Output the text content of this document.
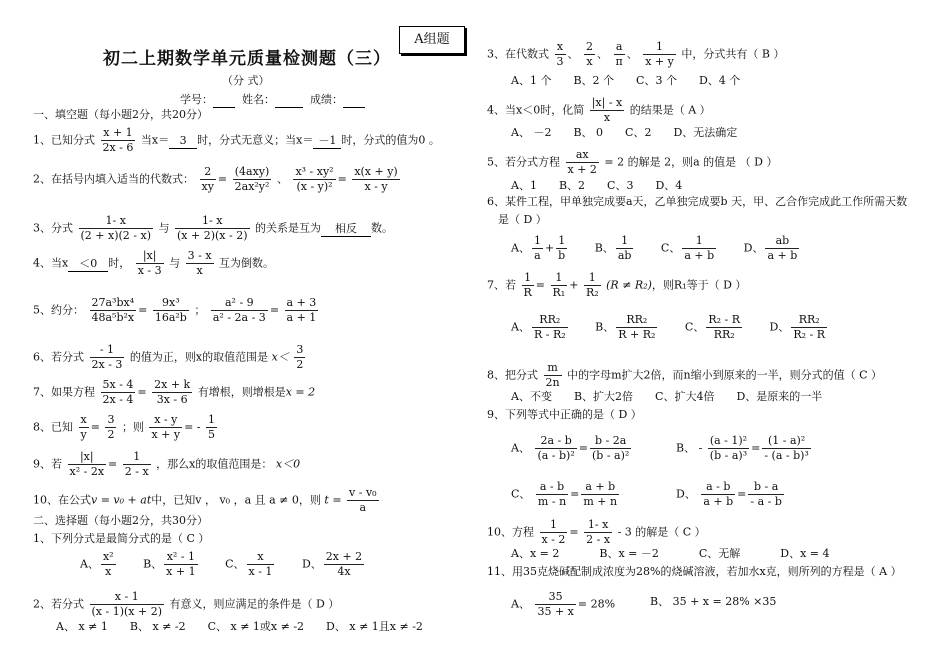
A组题
初二上期数学单元质量检测题（三）
（分 式）
学号：	姓名：	成绩：
一、填空题（每小题2分，共20分）
1、已知分式 $\frac{x + 1}{2x - 6}$ 当x＝ 3 时，分式无意义；当x＝ －1 时，分式的值为0 。
2、在括号内填入适当的代数式： $\frac{2}{xy} = \frac{\text{(4axy)}}{\text{2ax²y²}}$ 、 $\frac{\text{x³ - xy²}}{\text{(x - y)²}} = \frac{x(x + y)}{x - y}$
3、分式 $\frac{1- x}{(2 + x)(2 - x)}$ 与 $\frac{1- x}{(x + 2)(x - 2)}$ 的关系是互为 相反 数。
4、当x ＜0 时， $\frac{|x|}{x - 3}$ 与 $\frac{3 - x}{x}$ 互为倒数。
5、约分： $\frac{\text{27a³bx⁴}}{\text{48a⁵b²x}} = \frac{\text{9x³}}{\text{16a²b}}$ ； $\frac{\text{a² - 9}}{\text{a² - 2a - 3}} = \frac{a + 3}{a + 1}$
6、若分式 $\frac{- 1}{2x - 3}$ 的值为正，则x的取值范围是 $x< \frac{3}{2}$
7、如果方程 $\frac{5x - 4}{2x - 4} = \frac{2x + k}{3x - 6}$ 有增根，则增根是x = 2
8、已知 $\frac{x}{y} = \frac{3}{2}$ ；则 $\frac{x - y}{x + y}$ = - $\frac{1}{5}$
9、若 $\frac{|x|}{\text{x² - 2x}} = \frac{1}{2 - x}$ ，那么x的取值范围是： x＜0
10、在公式v = v₀ + at中，已知v ， v₀ ，a 且 a ≠ 0，则 $t = \frac{\text{v - v₀}}{a}$
二、选择题（每小题2分，共30分）
1、下列分式是最简分式的是（ C ）
A、 $\frac{\text{x²}}{x}$	B、 $\frac{\text{x² - 1}}{x + 1}$	C、 $\frac{x}{x - 1}$	D、 $\frac{2x + 2}{4x}$
2、若分式 $\frac{x - 1}{(x - 1)(x + 2)}$ 有意义，则应满足的条件是（ D ）
A、 x ≠ 1 B、 x ≠ -2 C、 x ≠ 1或x ≠ -2 D、 x ≠ 1且x ≠ -2
3、在代数式 $\frac{x}{3}$ 、 $\frac{2}{x}$ 、 $\frac{a}{\pi}$ 、 $\frac{1}{x + y}$ 中，分式共有（ B ）
A、1 个 B、2 个 C、3 个 D、4 个
4、当x＜0时，化简 $\frac{|x| - x}{x}$ 的结果是（ A ）
A、 －2 B、 0 C、2 D、无法确定
5、若分式方程 $\frac{ax}{x + 2} = 2$ 的解是 2，则a 的值是 （ D ）
A、1 B、2 C、3 D、4
6、某件工程，甲单独完成要a天，乙单独完成要b 天，甲、乙合作完成此工作所需天数
是（ D ）
A、 $\frac{1}{a} + \frac{1}{b}$	B、 $\frac{1}{ab}$	C、 $\frac{1}{a + b}$	D、 $\frac{ab}{a + b}$
7、若 $\frac{1}{R} = \frac{1}{\text{R₁}} + \frac{1}{\text{R₂}} (R \ne R_2)$，则R₁等于（ D ）
A、 $\frac{\text{RR₂}}{\text{R - R₂}}$	B、 $\frac{\text{RR₂}}{\text{R + R₂}}$	C、 $\frac{\text{R₂ - R}}{\text{RR₂}}$	D、 $\frac{\text{RR₂}}{\text{R₂ - R}}$
8、把分式 $\frac{m}{2n}$ 中的字母m扩大2倍，而n缩小到原来的一半，则分式的值（ C ）
A、不变 B、扩大2倍 C、扩大4倍 D、是原来的一半
9、下列等式中正确的是（ D ）
A、 $\frac{2a - b}{\text{(a - b)²}} = \frac{b - 2a}{\text{(b - a)²}}$	B、 - $\frac{\text{(a - 1)²}}{\text{(b - a)³}} = \frac{\text{(1 - a)²}}{\text{- (a - b)³}}$
C、 $\frac{a - b}{m - n} = \frac{a + b}{m + n}$	D、 $\frac{a - b}{a + b} = \frac{b - a}{- a - b}$
10、方程 $\frac{1}{x - 2} = \frac{1- x}{2 - x} - 3$ 的解是（ C ）
A、x = 2	B、x = －2	C、无解	D、x = 4
11、用35克烧碱配制成浓度为28%的烧碱溶液，若加水x克，则所列的方程是（ A ）
A、 $\frac{35}{35 + x} = 28\%$	B、 35 + x = 28% ×35
